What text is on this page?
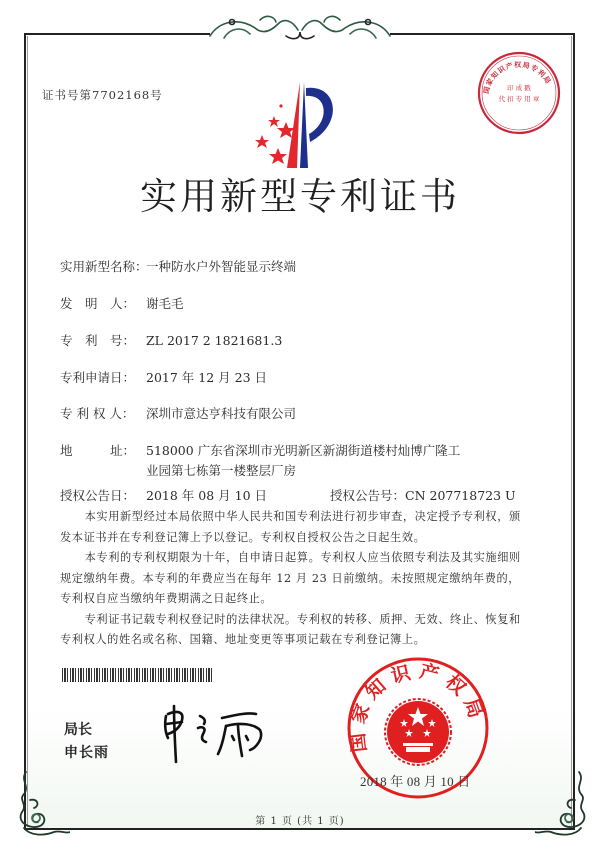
证书号第7702168号	国家知识产权局专利局
印 成 戳
代 扣 专 用 章
实用新型专利证书
实用新型名称：一种防水户外智能显示终端
发　明　人： 谢毛毛
专　利　号： ZL 2017 2 1821681.3
专利申请日： 2017 年 12 月 23 日
专 利 权 人： 深圳市意达亨科技有限公司
地　　　址： 518000 广东省深圳市光明新区新湖街道楼村灿博广隆工
业园第七栋第一楼整层厂房
授权公告日： 2018 年 08 月 10 日	授权公告号：CN 207718723 U

本实用新型经过本局依照中华人民共和国专利法进行初步审查，决定授予专利权，颁发本证书并在专利登记簿上予以登记。专利权自授权公告之日起生效。

本专利的专利权期限为十年，自申请日起算。专利权人应当依照专利法及其实施细则规定缴纳年费。本专利的年费应当在每年 12 月 23 日前缴纳。未按照规定缴纳年费的，专利权自应当缴纳年费期满之日起终止。

专利证书记载专利权登记时的法律状况。专利权的转移、质押、无效、终止、恢复和专利权人的姓名或名称、国籍、地址变更等事项记载在专利登记簿上。

局长
申长雨	国家知识产权局
2018 年 08 月 10 日
第 1 页 (共 1 页)
